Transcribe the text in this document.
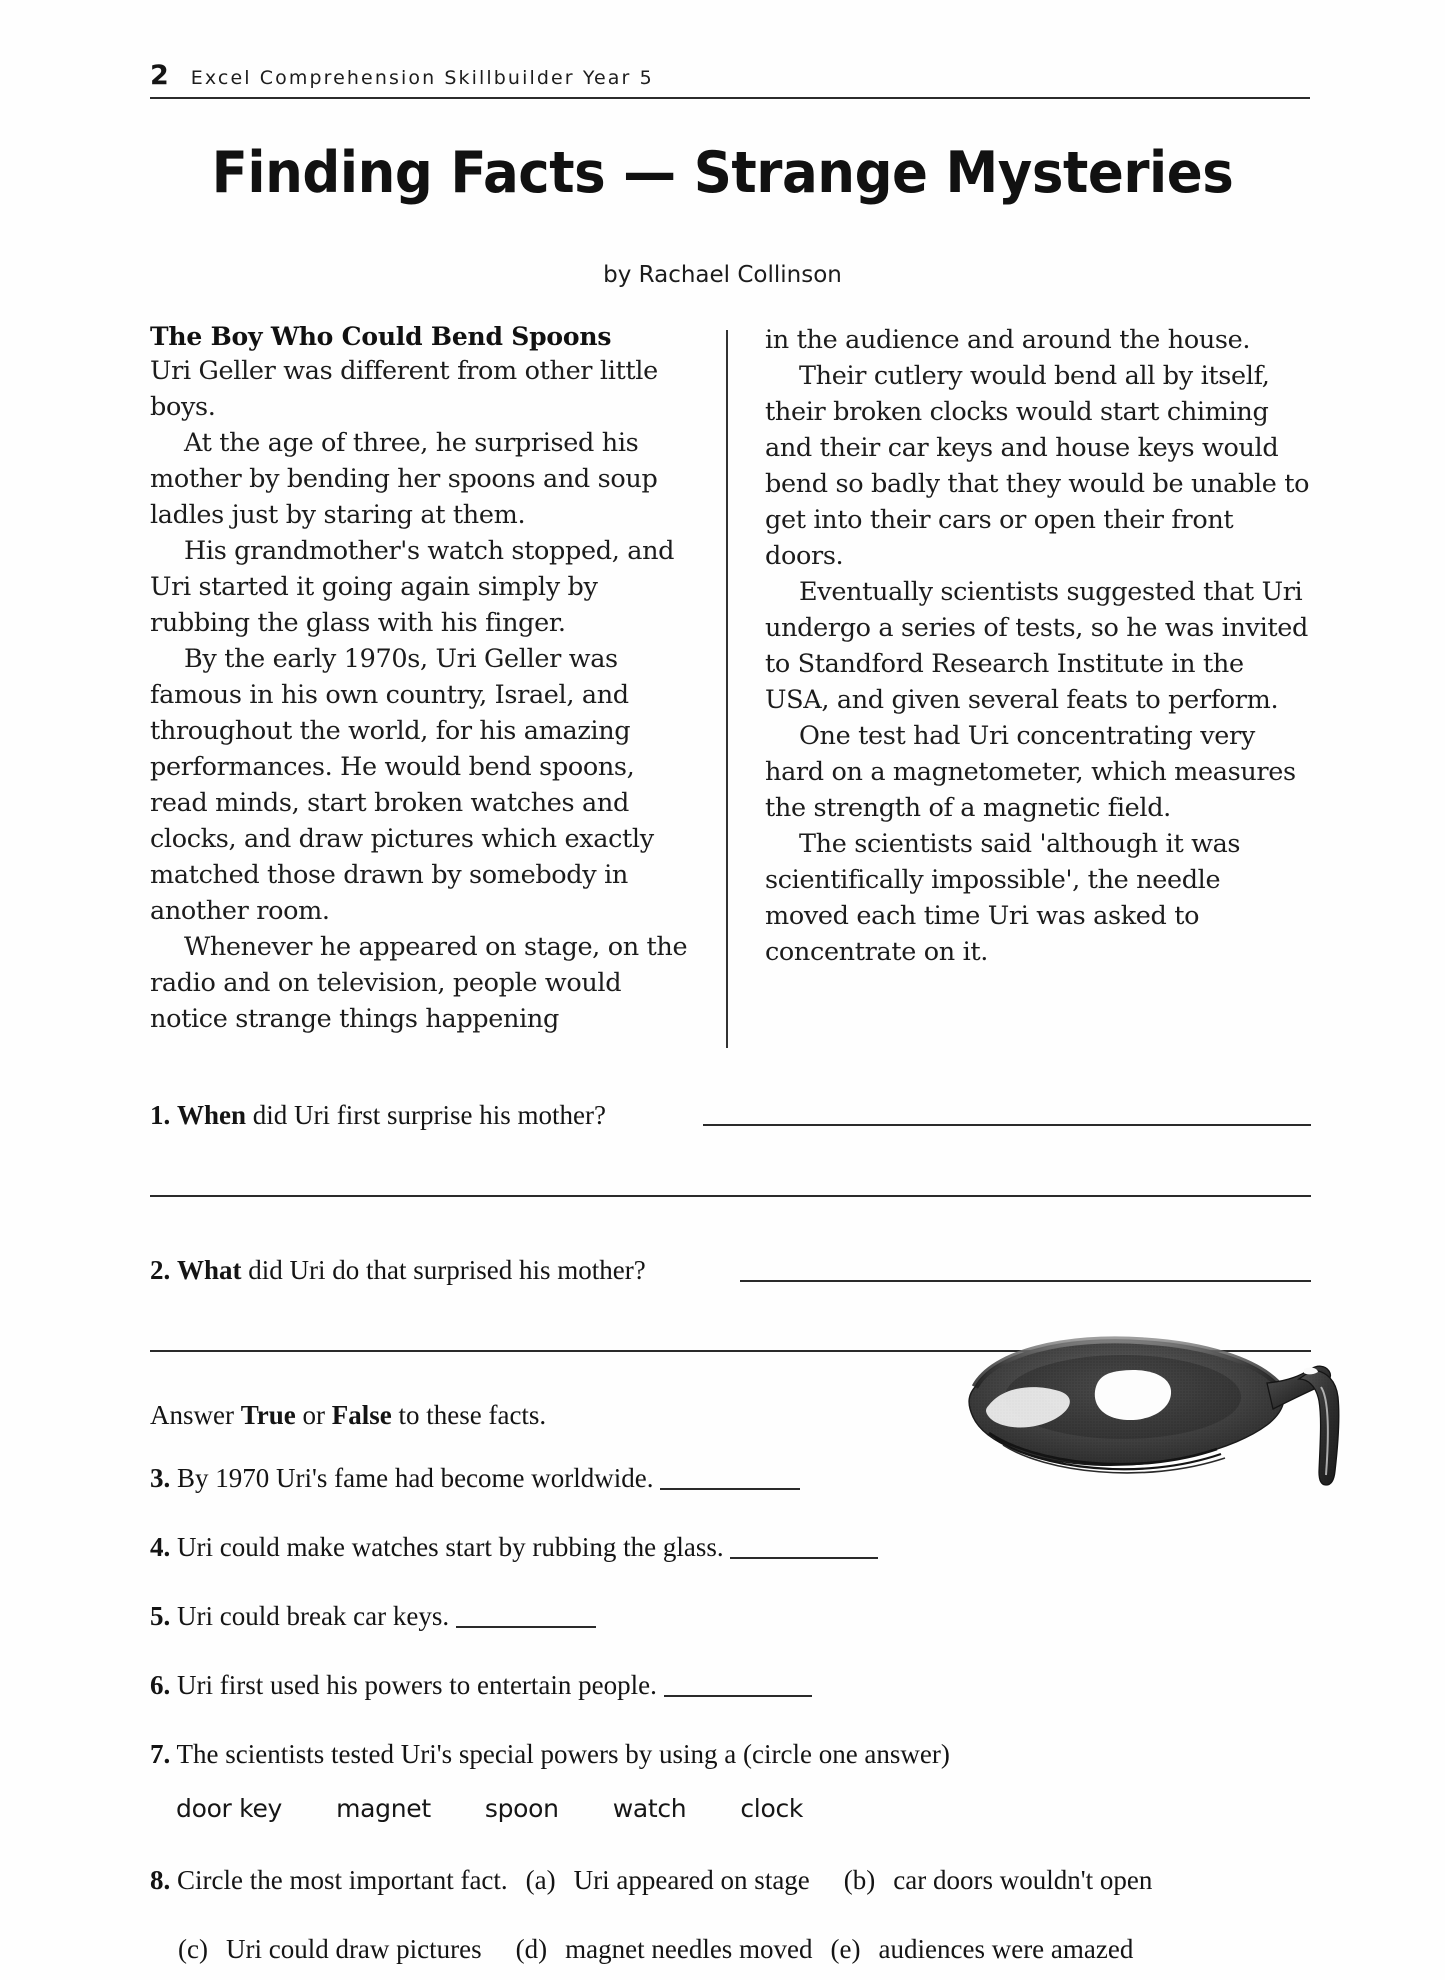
2 Excel Comprehension Skillbuilder Year 5
Finding Facts — Strange Mysteries
by Rachael Collinson

The Boy Who Could Bend Spoons

Uri Geller was different from other little boys.

At the age of three, he surprised his mother by bending her spoons and soup ladles just by staring at them.

His grandmother's watch stopped, and Uri started it going again simply by rubbing the glass with his finger.

By the early 1970s, Uri Geller was famous in his own country, Israel, and throughout the world, for his amazing performances. He would bend spoons, read minds, start broken watches and clocks, and draw pictures which exactly matched those drawn by somebody in another room.

Whenever he appeared on stage, on the radio and on television, people would notice strange things happening

in the audience and around the house.

Their cutlery would bend all by itself, their broken clocks would start chiming and their car keys and house keys would bend so badly that they would be unable to get into their cars or open their front doors.

Eventually scientists suggested that Uri undergo a series of tests, so he was invited to Standford Research Institute in the USA, and given several feats to perform.

One test had Uri concentrating very hard on a magnetometer, which measures the strength of a magnetic field.

The scientists said 'although it was scientifically impossible', the needle moved each time Uri was asked to concentrate on it.

1. When did Uri first surprise his mother?
2. What did Uri do that surprised his mother?
Answer True or False to these facts.
3. By 1970 Uri's fame had become worldwide.
4. Uri could make watches start by rubbing the glass.
5. Uri could break car keys.
6. Uri first used his powers to entertain people.
7. The scientists tested Uri's special powers by using a (circle one answer)
door key magnet spoon watch clock
8. Circle the most important fact. (a) Uri appeared on stage (b) car doors wouldn't open
(c) Uri could draw pictures (d) magnet needles moved (e) audiences were amazed
